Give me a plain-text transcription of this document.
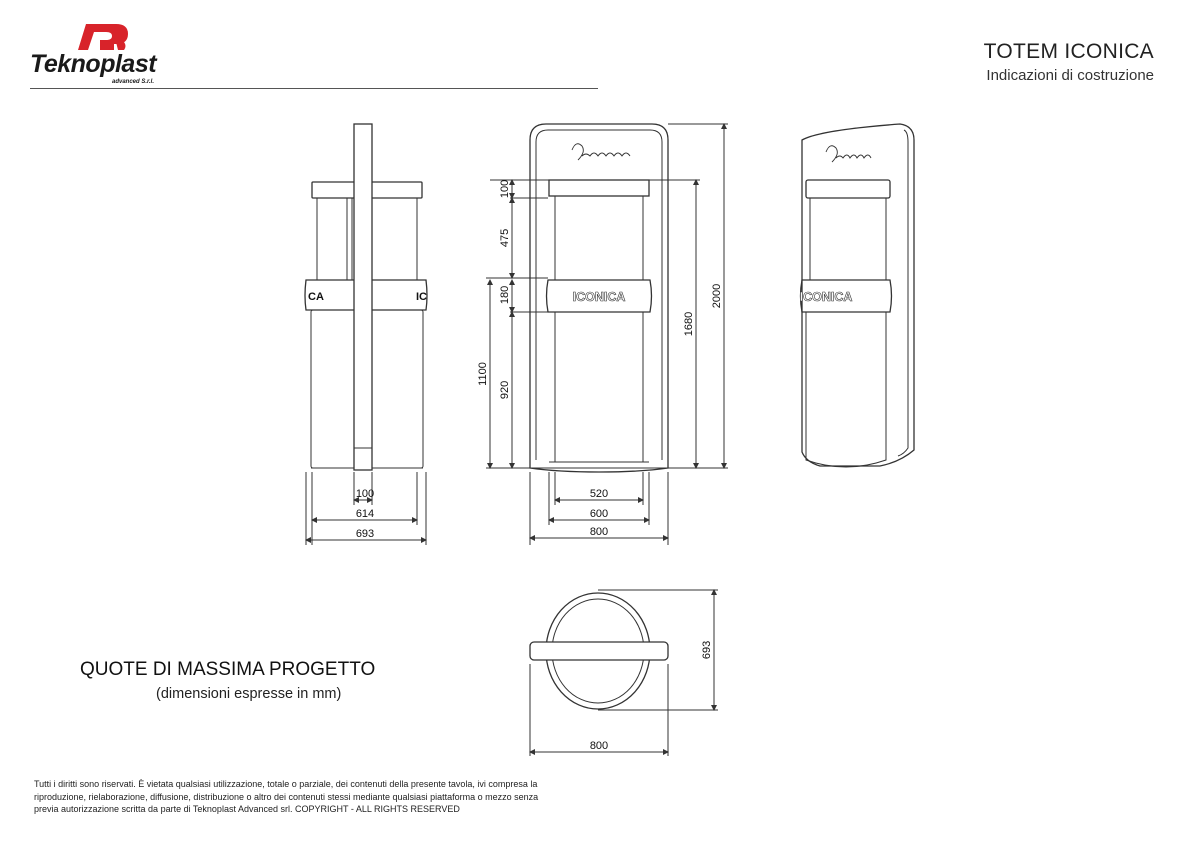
Teknoplast
advanced S.r.l.
TOTEM ICONICA
Indicazioni di costruzione
CA	IC
100
614
693
ICONICA
100
475
180
920
1100
1680
2000
520
600
800
ICONICA
693
800
QUOTE DI MASSIMA PROGETTO
(dimensioni espresse in mm)
Tutti i diritti sono riservati. È vietata qualsiasi utilizzazione, totale o parziale, dei contenuti della presente tavola, ivi compresa la
riproduzione, rielaborazione, diffusione, distribuzione o altro dei contenuti stessi mediante qualsiasi piattaforma o mezzo senza
previa autorizzazione scritta da parte di Teknoplast Advanced srl. COPYRIGHT - ALL RIGHTS RESERVED
